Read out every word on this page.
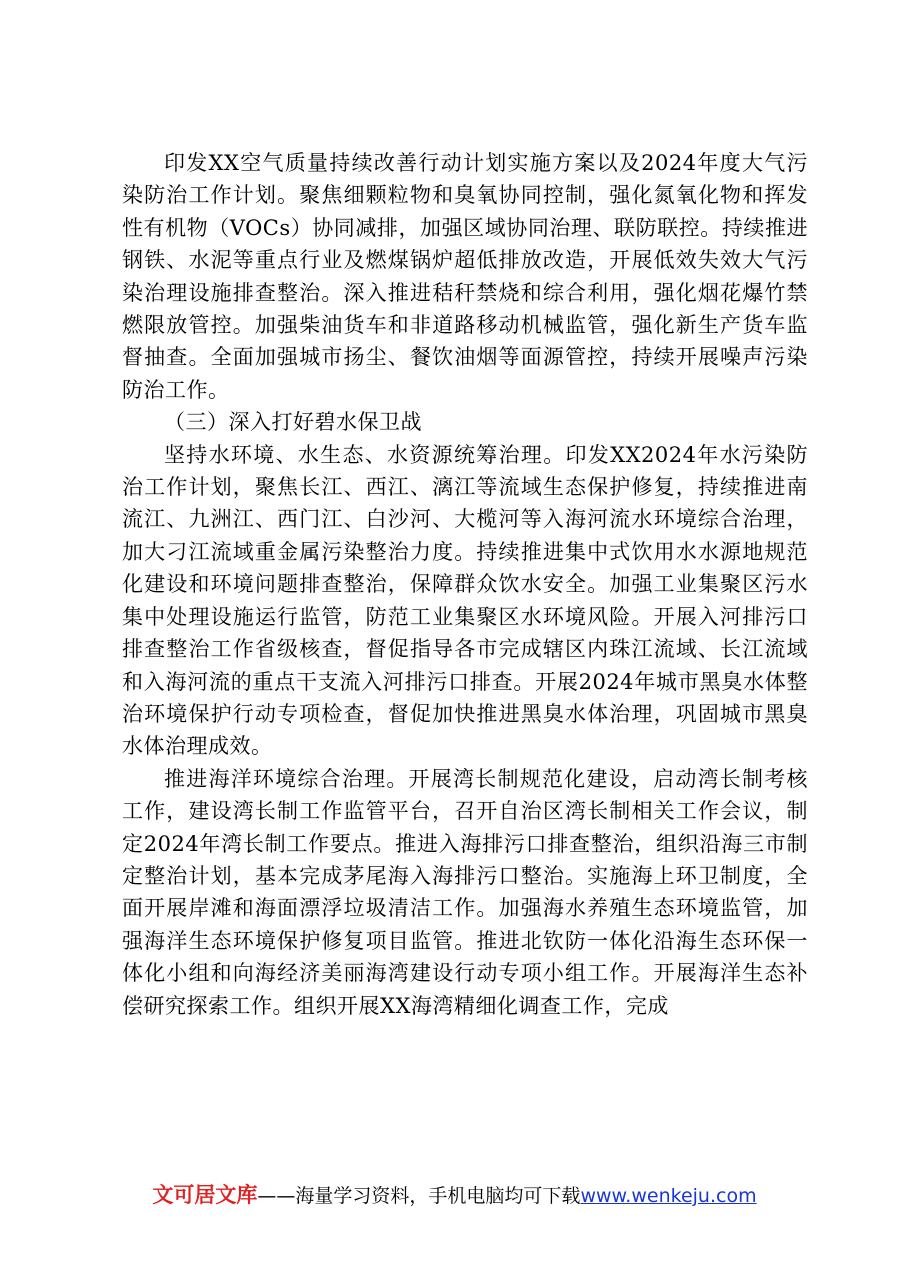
印发XX空气质量持续改善行动计划实施方案以及2024年度大气污染防治工作计划。聚焦细颗粒物和臭氧协同控制，强化氮氧化物和挥发性有机物（VOCs）协同减排，加强区域协同治理、联防联控。持续推进钢铁、水泥等重点行业及燃煤锅炉超低排放改造，开展低效失效大气污染治理设施排查整治。深入推进秸秆禁烧和综合利用，强化烟花爆竹禁燃限放管控。加强柴油货车和非道路移动机械监管，强化新生产货车监督抽查。全面加强城市扬尘、餐饮油烟等面源管控，持续开展噪声污染防治工作。

（三）深入打好碧水保卫战

坚持水环境、水生态、水资源统筹治理。印发XX2024年水污染防治工作计划，聚焦长江、西江、漓江等流域生态保护修复，持续推进南流江、九洲江、西门江、白沙河、大榄河等入海河流水环境综合治理，加大刁江流域重金属污染整治力度。持续推进集中式饮用水水源地规范化建设和环境问题排查整治，保障群众饮水安全。加强工业集聚区污水集中处理设施运行监管，防范工业集聚区水环境风险。开展入河排污口排查整治工作省级核查，督促指导各市完成辖区内珠江流域、长江流域和入海河流的重点干支流入河排污口排查。开展2024年城市黑臭水体整治环境保护行动专项检查，督促加快推进黑臭水体治理，巩固城市黑臭水体治理成效。

推进海洋环境综合治理。开展湾长制规范化建设，启动湾长制考核工作，建设湾长制工作监管平台，召开自治区湾长制相关工作会议，制定2024年湾长制工作要点。推进入海排污口排查整治，组织沿海三市制定整治计划，基本完成茅尾海入海排污口整治。实施海上环卫制度，全面开展岸滩和海面漂浮垃圾清洁工作。加强海水养殖生态环境监管，加强海洋生态环境保护修复项目监管。推进北钦防一体化沿海生态环保一体化小组和向海经济美丽海湾建设行动专项小组工作。开展海洋生态补偿研究探索工作。组织开展XX海湾精细化调查工作，完成

文可居文库——海量学习资料，手机电脑均可下载www.wenkeju.com
